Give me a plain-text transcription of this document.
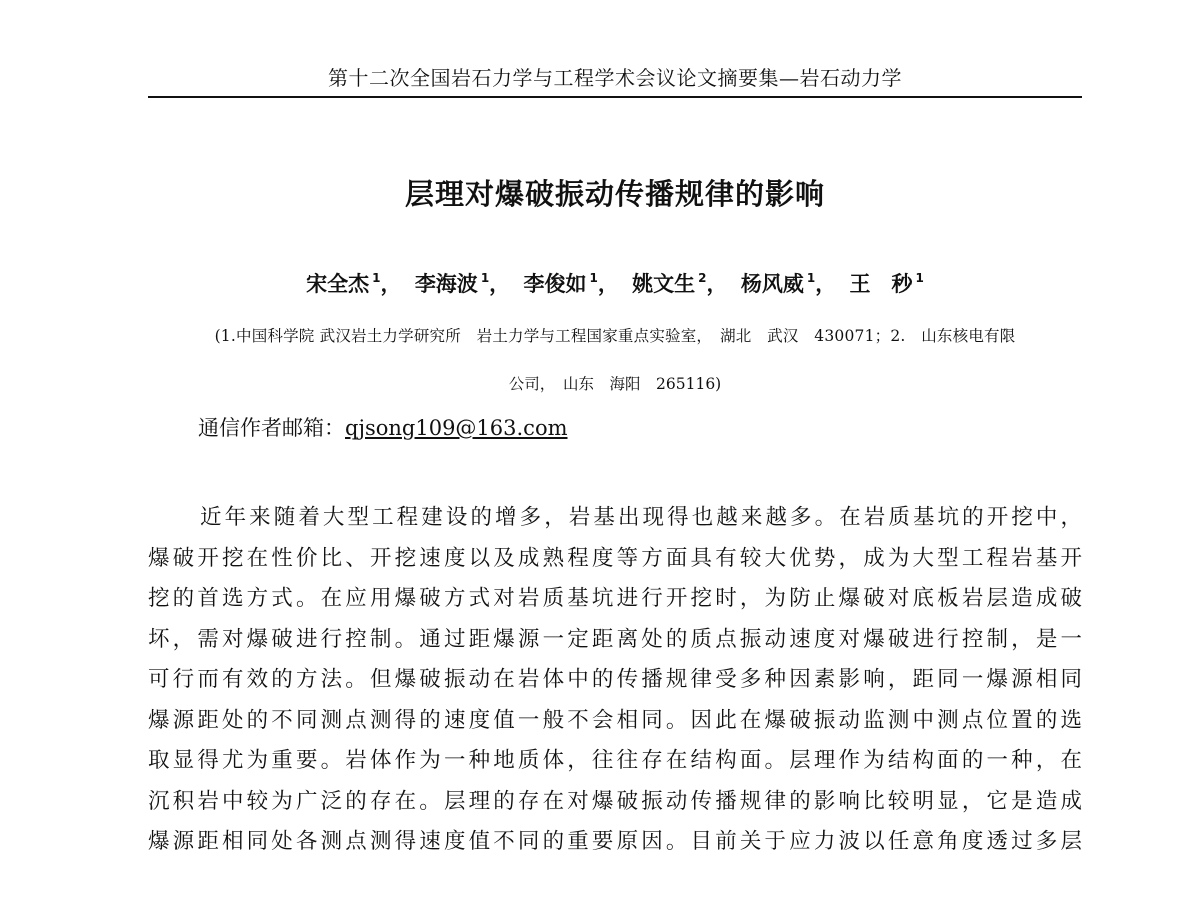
第十二次全国岩石力学与工程学术会议论文摘要集—岩石动力学
层理对爆破振动传播规律的影响
宋全杰 $^1$， 李海波 $^1$， 李俊如 $^1$， 姚文生 $^2$， 杨风威 $^1$， 王　秒 $^1$
(1.中国科学院 武汉岩土力学研究所　岩土力学与工程国家重点实验室，　湖北　武汉　430071；2.　山东核电有限
公司，　山东　海阳　265116)
通信作者邮箱：qjsong109@163.com
近年来随着大型工程建设的增多，岩基出现得也越来越多。在岩质基坑的开挖中，
爆破开挖在性价比、开挖速度以及成熟程度等方面具有较大优势，成为大型工程岩基开
挖的首选方式。在应用爆破方式对岩质基坑进行开挖时，为防止爆破对底板岩层造成破
坏，需对爆破进行控制。通过距爆源一定距离处的质点振动速度对爆破进行控制，是一
可行而有效的方法。但爆破振动在岩体中的传播规律受多种因素影响，距同一爆源相同
爆源距处的不同测点测得的速度值一般不会相同。因此在爆破振动监测中测点位置的选
取显得尤为重要。岩体作为一种地质体，往往存在结构面。层理作为结构面的一种，在
沉积岩中较为广泛的存在。层理的存在对爆破振动传播规律的影响比较明显，它是造成
爆源距相同处各测点测得速度值不同的重要原因。目前关于应力波以任意角度透过多层
